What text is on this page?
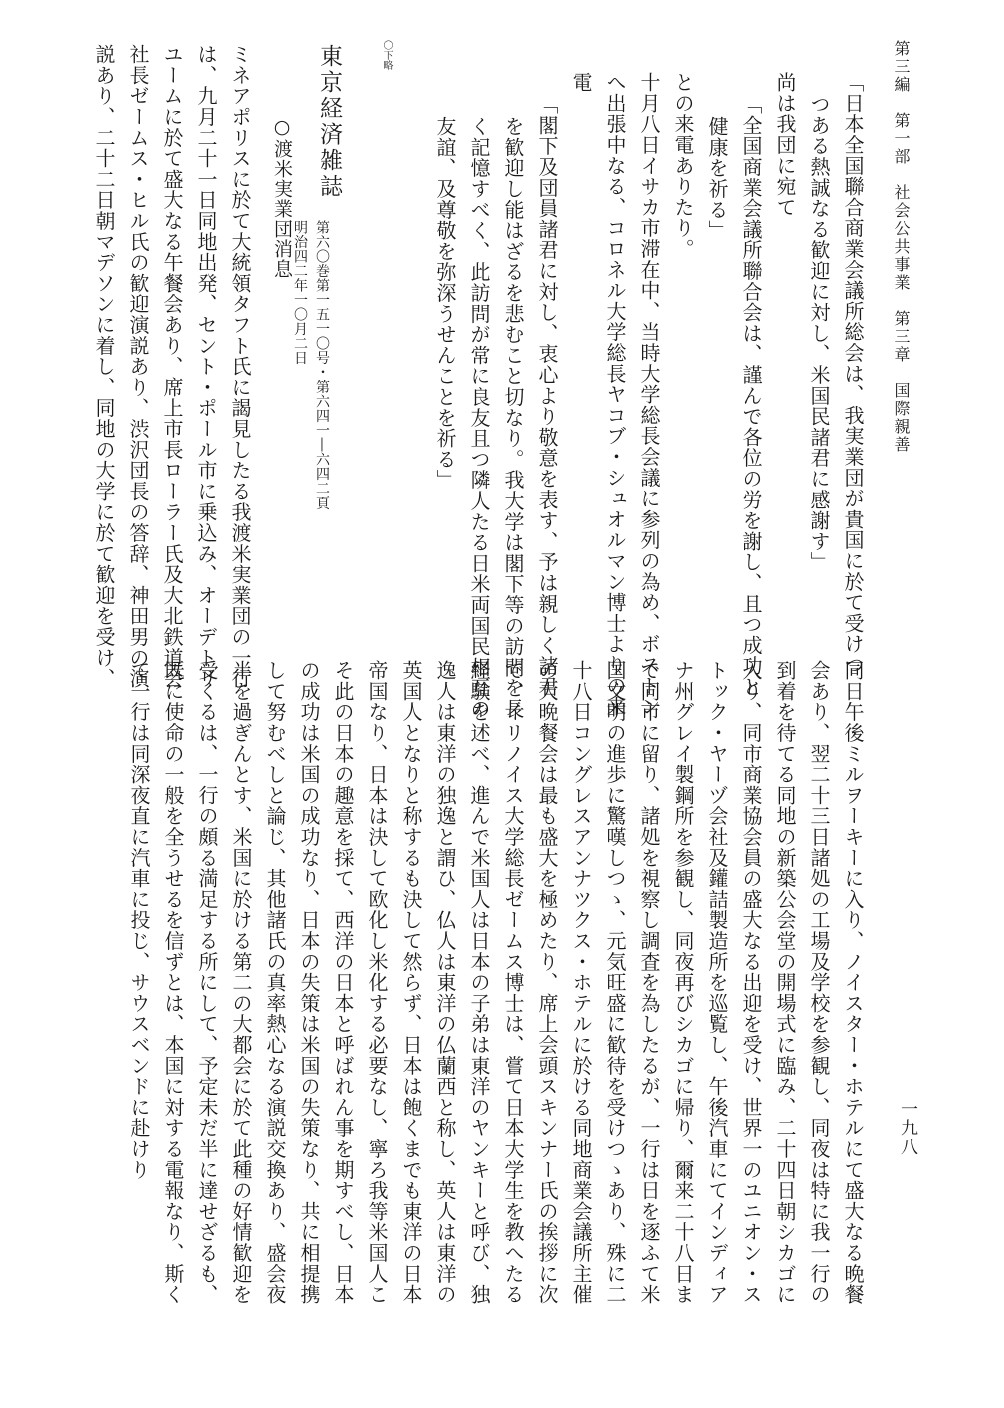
第三編　第一部　社会公共事業　第三章　国際親善
一九八
「日本全国聯合商業会議所総会は、我実業団が貴国に於て受けつ
つある熱誠なる歓迎に対し、米国民諸君に感謝す」
尚は我団に宛て
「全国商業会議所聯合会は、謹んで各位の労を謝し、且つ成功と
健康を祈る」
との来電ありたり。
十月八日イサカ市滞在中、当時大学総長会議に参列の為め、ボストン
へ出張中なる、コロネル大学総長ヤコブ・シュオルマン博士よりの来
電
「閣下及団員諸君に対し、衷心より敬意を表す、予は親しく諸君
を歓迎し能はざるを悲むこと切なり。我大学は閣下等の訪問を長
く記憶すべく、此訪問が常に良友且つ隣人たる日米両国民相互の
友誼、及尊敬を弥深うせんことを祈る」
〇下略
東京経済雑誌
第六〇巻第一五一〇号・第六四一―六四二頁
明治四二年一〇月二日
○渡米実業団消息
ミネアポリスに於て大統領タフト氏に謁見したる我渡米実業団の一行
は、九月二十一日同地出発、セント・ポール市に乗込み、オーデトリ
ユームに於て盛大なる午餐会あり、席上市長ローラー氏及大北鉄道会
社長ゼームス・ヒル氏の歓迎演説あり、渋沢団長の答辞、神田男の演
説あり、二十二日朝マデソンに着し、同地の大学に於て歓迎を受け、
同日午後ミルヲーキーに入り、ノイスター・ホテルにて盛大なる晩餐
会あり、翌二十三日諸処の工場及学校を参観し、同夜は特に我一行の
到着を待てる同地の新築公会堂の開場式に臨み、二十四日朝シカゴに
入り、同市商業協会員の盛大なる出迎を受け、世界一のユニオン・ス
トック・ヤーヅ会社及鑵詰製造所を巡覧し、午後汽車にてインディア
ナ州グレイ製鋼所を参観し、同夜再びシカゴに帰り、爾来二十八日ま
で同市に留り、諸処を視察し調査を為したるが、一行は日を逐ふて米
国文明の進歩に驚嘆しつゝ、元気旺盛に歓待を受けつゝあり、殊に二
十八日コングレスアンナツクス・ホテルに於ける同地商業会議所主催
の大晩餐会は最も盛大を極めたり、席上会頭スキンナー氏の挨拶に次
で、イリノイス大学総長ゼームス博士は、嘗て日本大学生を教へたる
経験を述べ、進んで米国人は日本の子弟は東洋のヤンキーと呼び、独
逸人は東洋の独逸と謂ひ、仏人は東洋の仏蘭西と称し、英人は東洋の
英国人となりと称するも決して然らず、日本は飽くまでも東洋の日本
帝国なり、日本は決して欧化し米化する必要なし、寧ろ我等米国人こ
そ此の日本の趣意を採て、西洋の日本と呼ばれん事を期すべし、日本
の成功は米国の成功なり、日本の失策は米国の失策なり、共に相提携
して努むべしと論じ、其他諸氏の真率熱心なる演説交換あり、盛会夜
半を過ぎんとす、米国に於ける第二の大都会に於て此種の好情歓迎を
受くるは、一行の頗る満足する所にして、予定未だ半に達せざるも、
既に使命の一般を全うせるを信ずとは、本国に対する電報なり、斯く
て一行は同深夜直に汽車に投じ、サウスベンドに赴けり
